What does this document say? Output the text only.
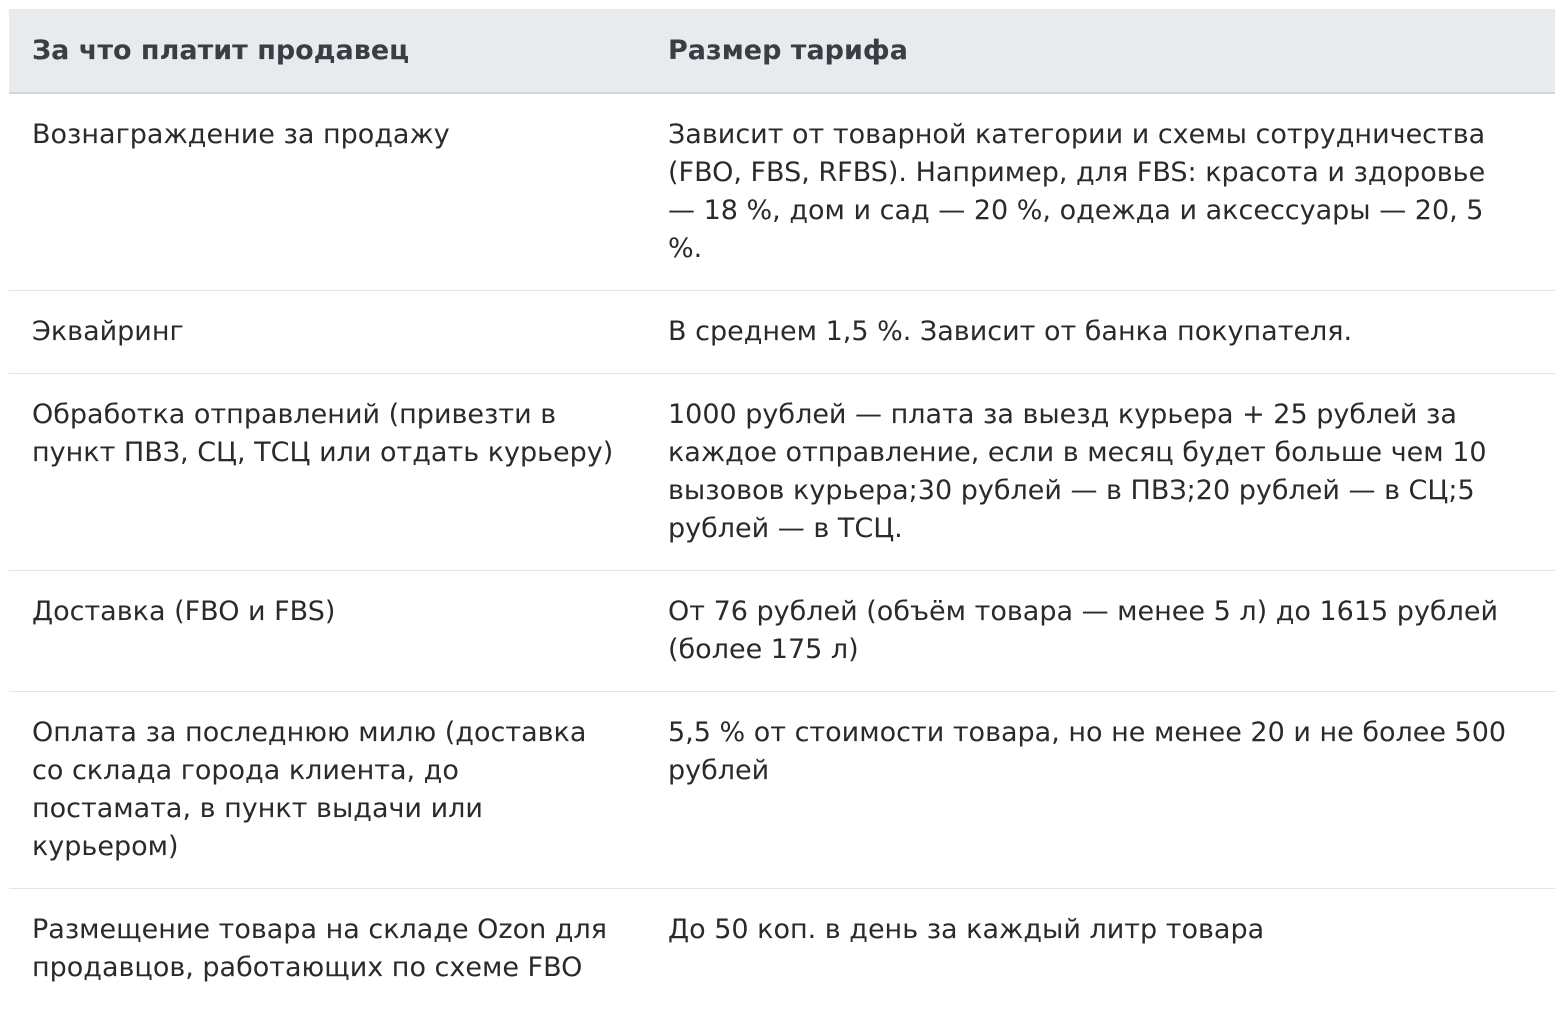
За что платит продавец	Размер тарифа
Вознаграждение за продажу	Зависит от товарной категории и схемы сотрудничества (FBO, FBS, RFBS). Например, для FBS: красота и здоровье — 18 %, дом и сад — 20 %, одежда и аксессуары — 20, 5 %.
Эквайринг	В среднем 1,5 %. Зависит от банка покупателя.
Обработка отправлений (привезти в пункт ПВЗ, СЦ, ТСЦ или отдать курьеру)	1000 рублей — плата за выезд курьера + 25 рублей за каждое отправление, если в месяц будет больше чем 10 вызовов курьера;30 рублей — в ПВЗ;20 рублей — в СЦ;5 рублей — в ТСЦ.
Доставка (FBO и FBS)	От 76 рублей (объём товара — менее 5 л) до 1615 рублей (более 175 л)
Оплата за последнюю милю (доставка со склада города клиента, до постамата, в пункт выдачи или курьером)	5,5 % от стоимости товара, но не менее 20 и не более 500 рублей
Размещение товара на складе Ozon для продавцов, работающих по схеме FBO	До 50 коп. в день за каждый литр товара
